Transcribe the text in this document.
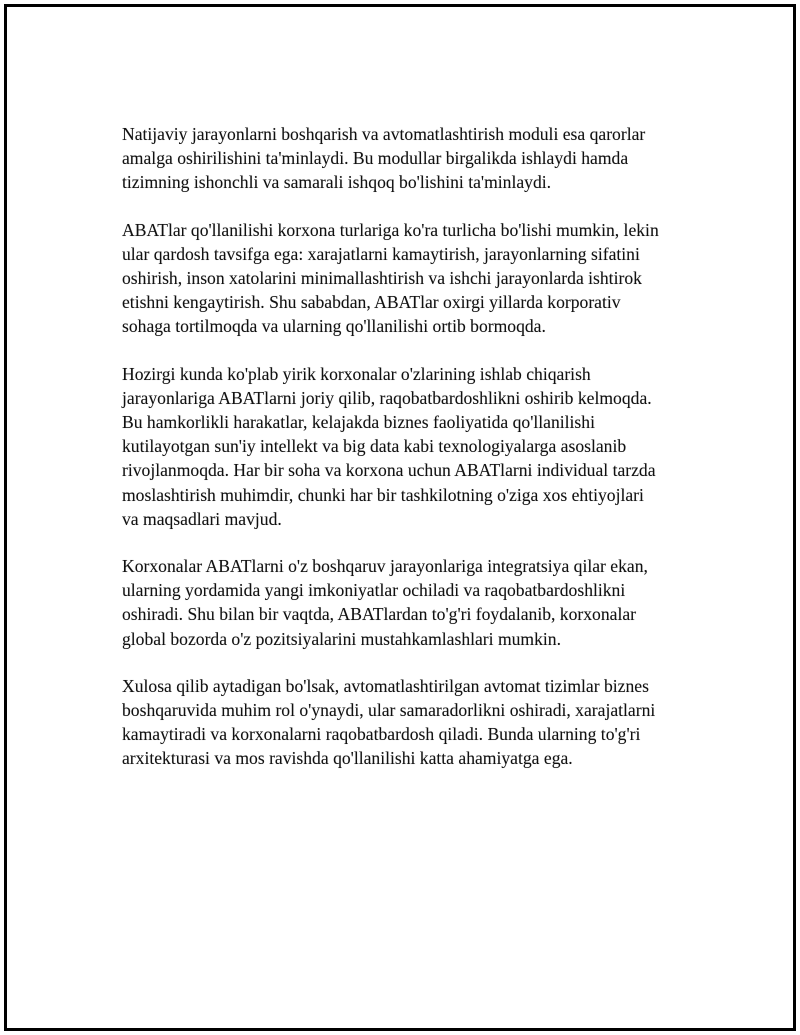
Natijaviy jarayonlarni boshqarish va avtomatlashtirish moduli esa qarorlar
amalga oshirilishini ta'minlaydi. Bu modullar birgalikda ishlaydi hamda
tizimning ishonchli va samarali ishqoq bo'lishini ta'minlaydi.

ABATlar qo'llanilishi korxona turlariga ko'ra turlicha bo'lishi mumkin, lekin
ular qardosh tavsifga ega: xarajatlarni kamaytirish, jarayonlarning sifatini
oshirish, inson xatolarini minimallashtirish va ishchi jarayonlarda ishtirok
etishni kengaytirish. Shu sababdan, ABATlar oxirgi yillarda korporativ
sohaga tortilmoqda va ularning qo'llanilishi ortib bormoqda.

Hozirgi kunda ko'plab yirik korxonalar o'zlarining ishlab chiqarish
jarayonlariga ABATlarni joriy qilib, raqobatbardoshlikni oshirib kelmoqda.
Bu hamkorlikli harakatlar, kelajakda biznes faoliyatida qo'llanilishi
kutilayotgan sun'iy intellekt va big data kabi texnologiyalarga asoslanib
rivojlanmoqda. Har bir soha va korxona uchun ABATlarni individual tarzda
moslashtirish muhimdir, chunki har bir tashkilotning o'ziga xos ehtiyojlari
va maqsadlari mavjud.

Korxonalar ABATlarni o'z boshqaruv jarayonlariga integratsiya qilar ekan,
ularning yordamida yangi imkoniyatlar ochiladi va raqobatbardoshlikni
oshiradi. Shu bilan bir vaqtda, ABATlardan to'g'ri foydalanib, korxonalar
global bozorda o'z pozitsiyalarini mustahkamlashlari mumkin.

Xulosa qilib aytadigan bo'lsak, avtomatlashtirilgan avtomat tizimlar biznes
boshqaruvida muhim rol o'ynaydi, ular samaradorlikni oshiradi, xarajatlarni
kamaytiradi va korxonalarni raqobatbardosh qiladi. Bunda ularning to'g'ri
arxitekturasi va mos ravishda qo'llanilishi katta ahamiyatga ega.
